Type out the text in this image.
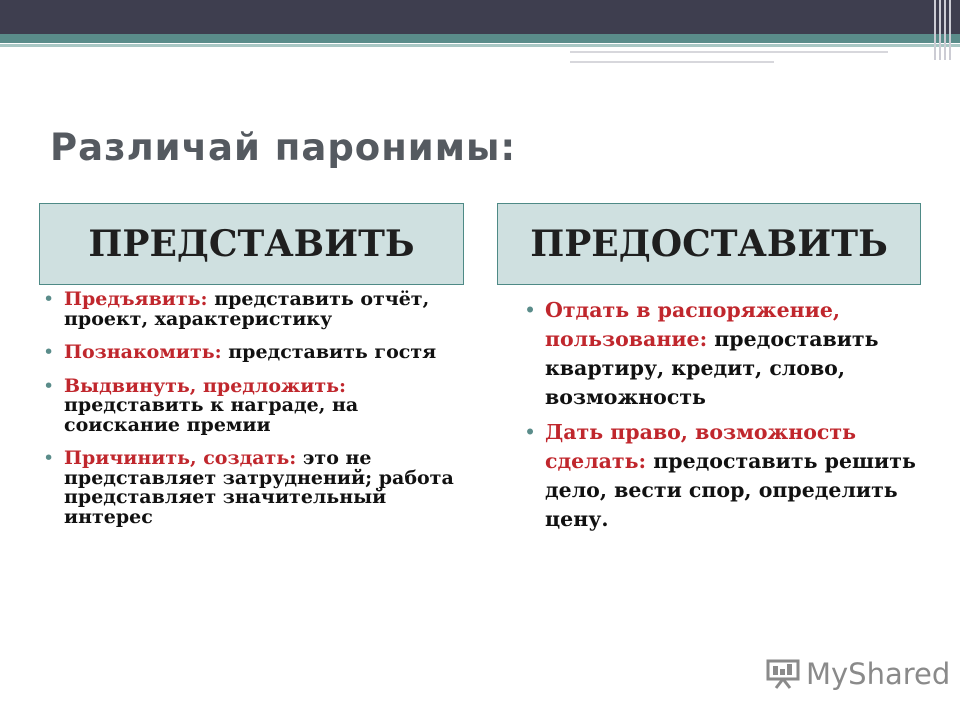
Различай паронимы:
ПРЕДСТАВИТЬ	ПРЕДОСТАВИТЬ
• Предъявить: представить отчёт, проект, характеристику
• Познакомить: представить гостя
• Выдвинуть, предложить: представить к награде, на соискание премии
• Причинить, создать: это не представляет затруднений; работа представляет значительный интерес
• Отдать в распоряжение, пользование: предоставить квартиру, кредит, слово, возможность
• Дать право, возможность сделать: предоставить решить дело, вести спор, определить цену.
MyShared
